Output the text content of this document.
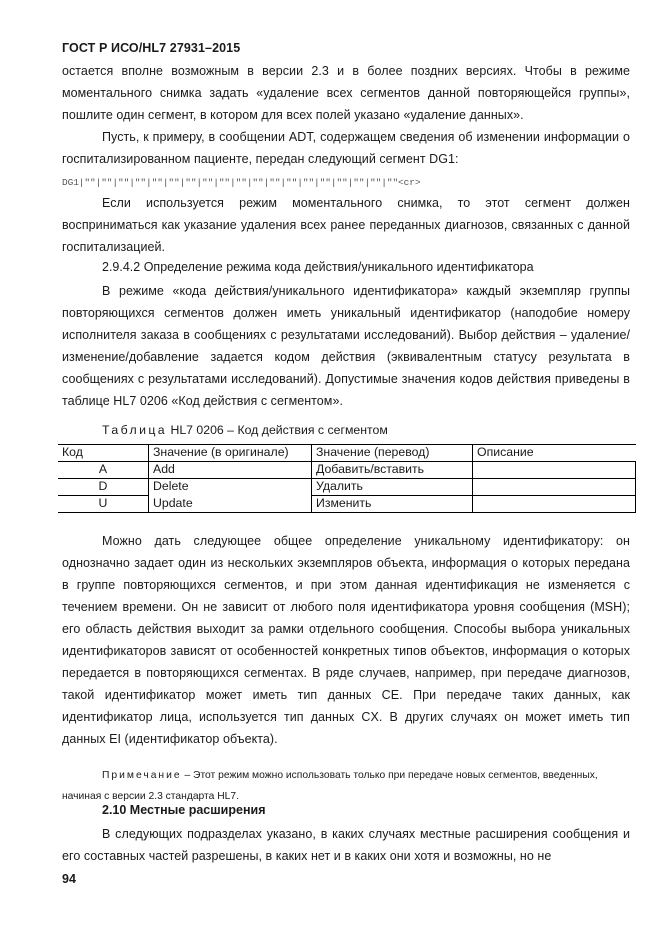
ГОСТ Р ИСО/HL7 27931–2015
остается вполне возможным в версии 2.3 и в более поздних версиях. Чтобы в режиме моментального снимка задать «удаление всех сегментов данной повторяющейся группы», пошлите один сегмент, в котором для всех полей указано «удаление данных».
Пусть, к примеру, в сообщении ADT, содержащем сведения об изменении информации о госпитализированном пациенте, передан следующий сегмент DG1:
DG1|""|""|""|""|""|""|""|""|""|""|""|""|""|""|""|""|""|""|""<cr>
Если используется режим моментального снимка, то этот сегмент должен восприниматься как указание удаления всех ранее переданных диагнозов, связанных с данной госпитализацией.
2.9.4.2 Определение режима кода действия/уникального идентификатора
В режиме «кода действия/уникального идентификатора» каждый экземпляр группы повторяющихся сегментов должен иметь уникальный идентификатор (наподобие номеру исполнителя заказа в сообщениях с результатами исследований). Выбор действия – удаление/изменение/добавление задается кодом действия (эквивалентным статусу результата в сообщениях с результатами исследований). Допустимые значения кодов действия приведены в таблице HL7 0206 «Код действия с сегментом».
Таблица HL7 0206 – Код действия с сегментом
Код	Значение (в оригинале)	Значение (перевод)	Описание
A	Add	Добавить/вставить	
D	Delete	Удалить	
U	Update	Изменить	
Можно дать следующее общее определение уникальному идентификатору: он однозначно задает один из нескольких экземпляров объекта, информация о которых передана в группе повторяющихся сегментов, и при этом данная идентификация не изменяется с течением времени. Он не зависит от любого поля идентификатора уровня сообщения (MSH); его область действия выходит за рамки отдельного сообщения. Способы выбора уникальных идентификаторов зависят от особенностей конкретных типов объектов, информация о которых передается в повторяющихся сегментах. В ряде случаев, например, при передаче диагнозов, такой идентификатор может иметь тип данных CE. При передаче таких данных, как идентификатор лица, используется тип данных CX. В других случаях он может иметь тип данных EI (идентификатор объекта).
Примечание – Этот режим можно использовать только при передаче новых сегментов, введенных, начиная с версии 2.3 стандарта HL7.
2.10 Местные расширения
В следующих подразделах указано, в каких случаях местные расширения сообщения и его составных частей разрешены, в каких нет и в каких они хотя и возможны, но не
94
